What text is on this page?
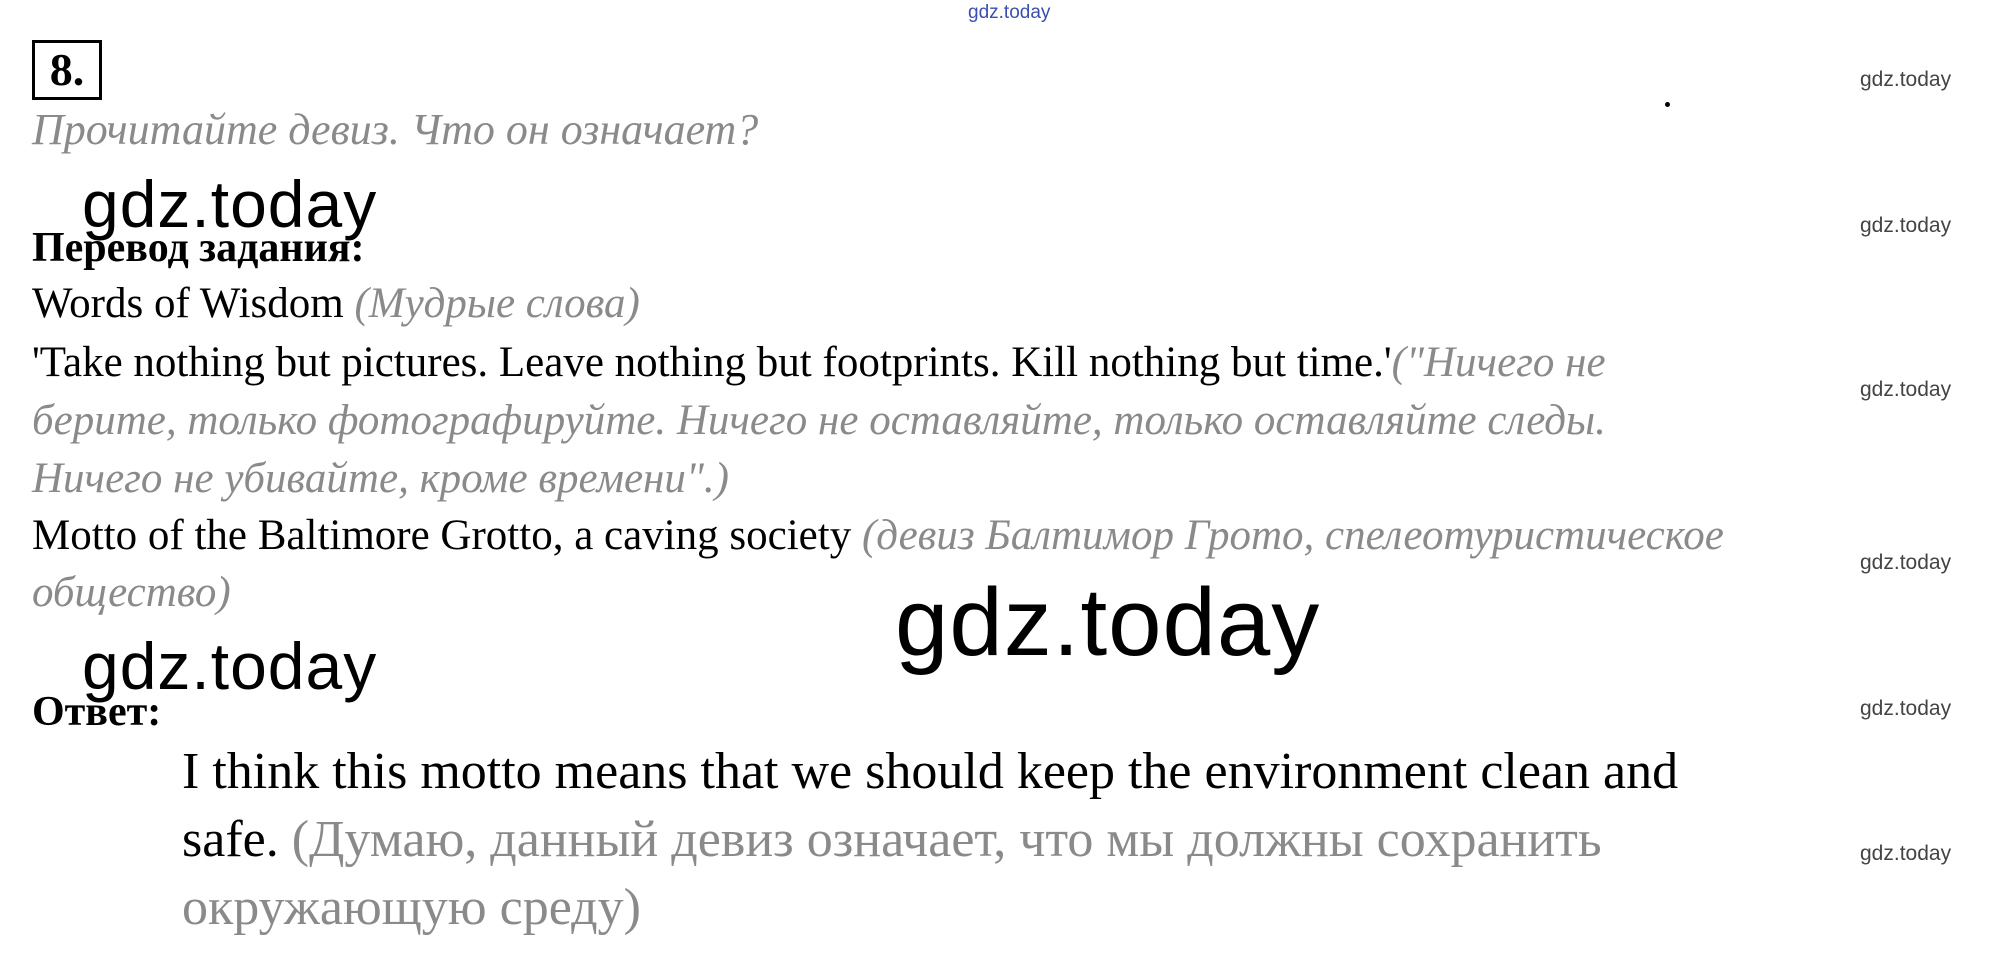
gdz.today
gdz.today
gdz.today
gdz.today
gdz.today
gdz.today
gdz.today
8.
Прочитайте девиз. Что он означает?
gdz.today
Перевод задания:
Words of Wisdom (Мудрые слова)
'Take nothing but pictures. Leave nothing but footprints. Kill nothing but time.'("Ничего не
берите, только фотографируйте. Ничего не оставляйте, только оставляйте следы.
Ничего не убивайте, кроме времени".)
Motto of the Baltimore Grotto, a caving society (девиз Балтимор Грото, спелеотуристическое
общество)	gdz.today
gdz.today
Ответ:
I think this motto means that we should keep the environment clean and
safe. (Думаю, данный девиз означает, что мы должны сохранить
окружающую среду)
